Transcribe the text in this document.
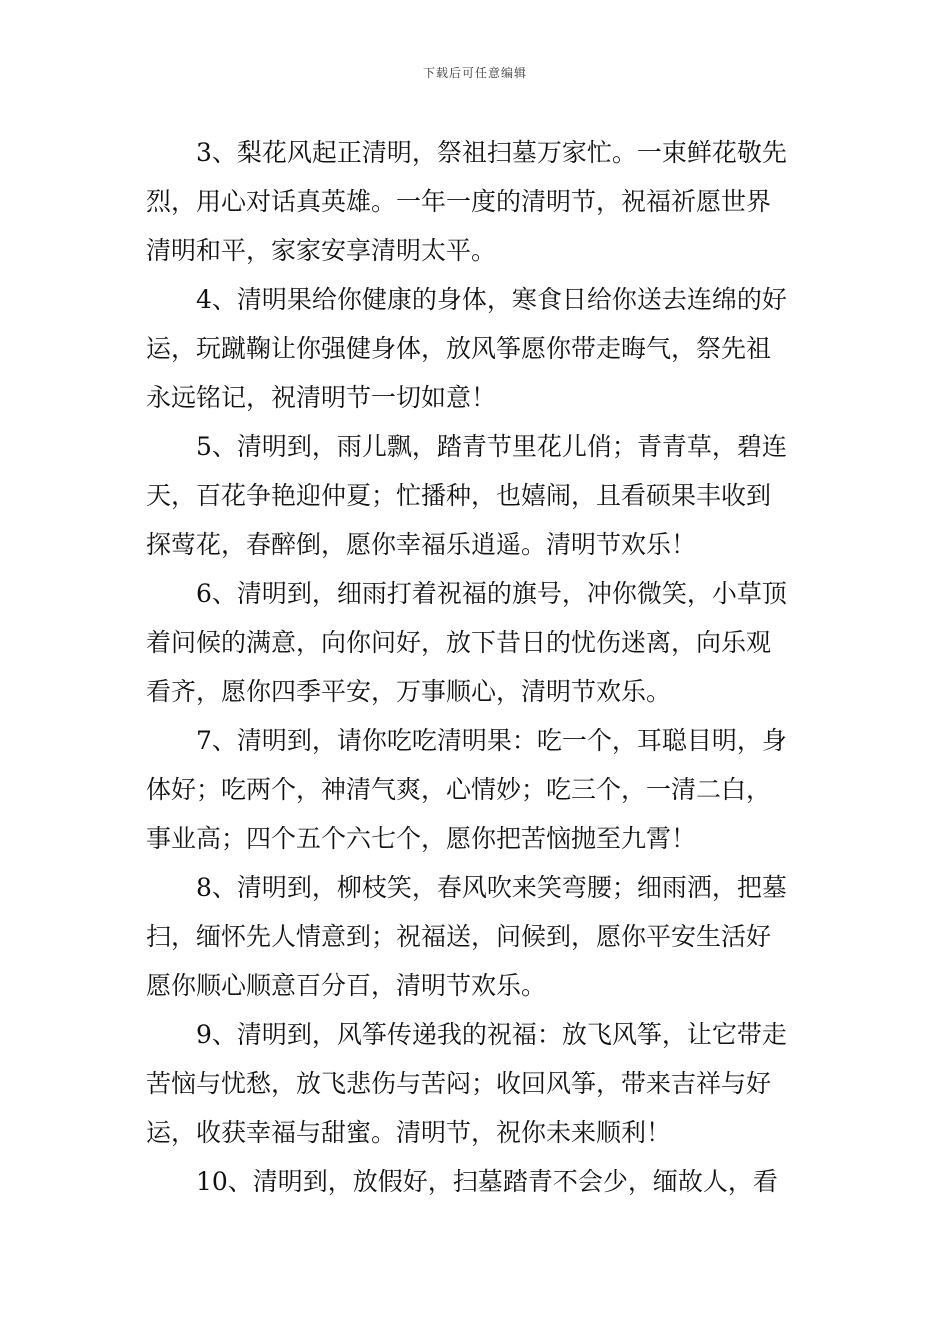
下载后可任意编辑
3、梨花风起正清明，祭祖扫墓万家忙。一束鲜花敬先
烈，用心对话真英雄。一年一度的清明节，祝福祈愿世界
清明和平，家家安享清明太平。
4、清明果给你健康的身体，寒食日给你送去连绵的好
运，玩蹴鞠让你强健身体，放风筝愿你带走晦气，祭先祖
永远铭记，祝清明节一切如意！
5、清明到，雨儿飘，踏青节里花儿俏；青青草，碧连
天，百花争艳迎仲夏；忙播种，也嬉闹，且看硕果丰收到
探莺花，春醉倒，愿你幸福乐逍遥。清明节欢乐！
6、清明到，细雨打着祝福的旗号，冲你微笑，小草顶
着问候的满意，向你问好，放下昔日的忧伤迷离，向乐观
看齐，愿你四季平安，万事顺心，清明节欢乐。
7、清明到，请你吃吃清明果：吃一个，耳聪目明，身
体好；吃两个，神清气爽，心情妙；吃三个，一清二白，
事业高；四个五个六七个，愿你把苦恼抛至九霄！
8、清明到，柳枝笑，春风吹来笑弯腰；细雨洒，把墓
扫，缅怀先人情意到；祝福送，问候到，愿你平安生活好
愿你顺心顺意百分百，清明节欢乐。
9、清明到，风筝传递我的祝福：放飞风筝，让它带走
苦恼与忧愁，放飞悲伤与苦闷；收回风筝，带来吉祥与好
运，收获幸福与甜蜜。清明节，祝你未来顺利！
10、清明到，放假好，扫墓踏青不会少，缅故人，看
